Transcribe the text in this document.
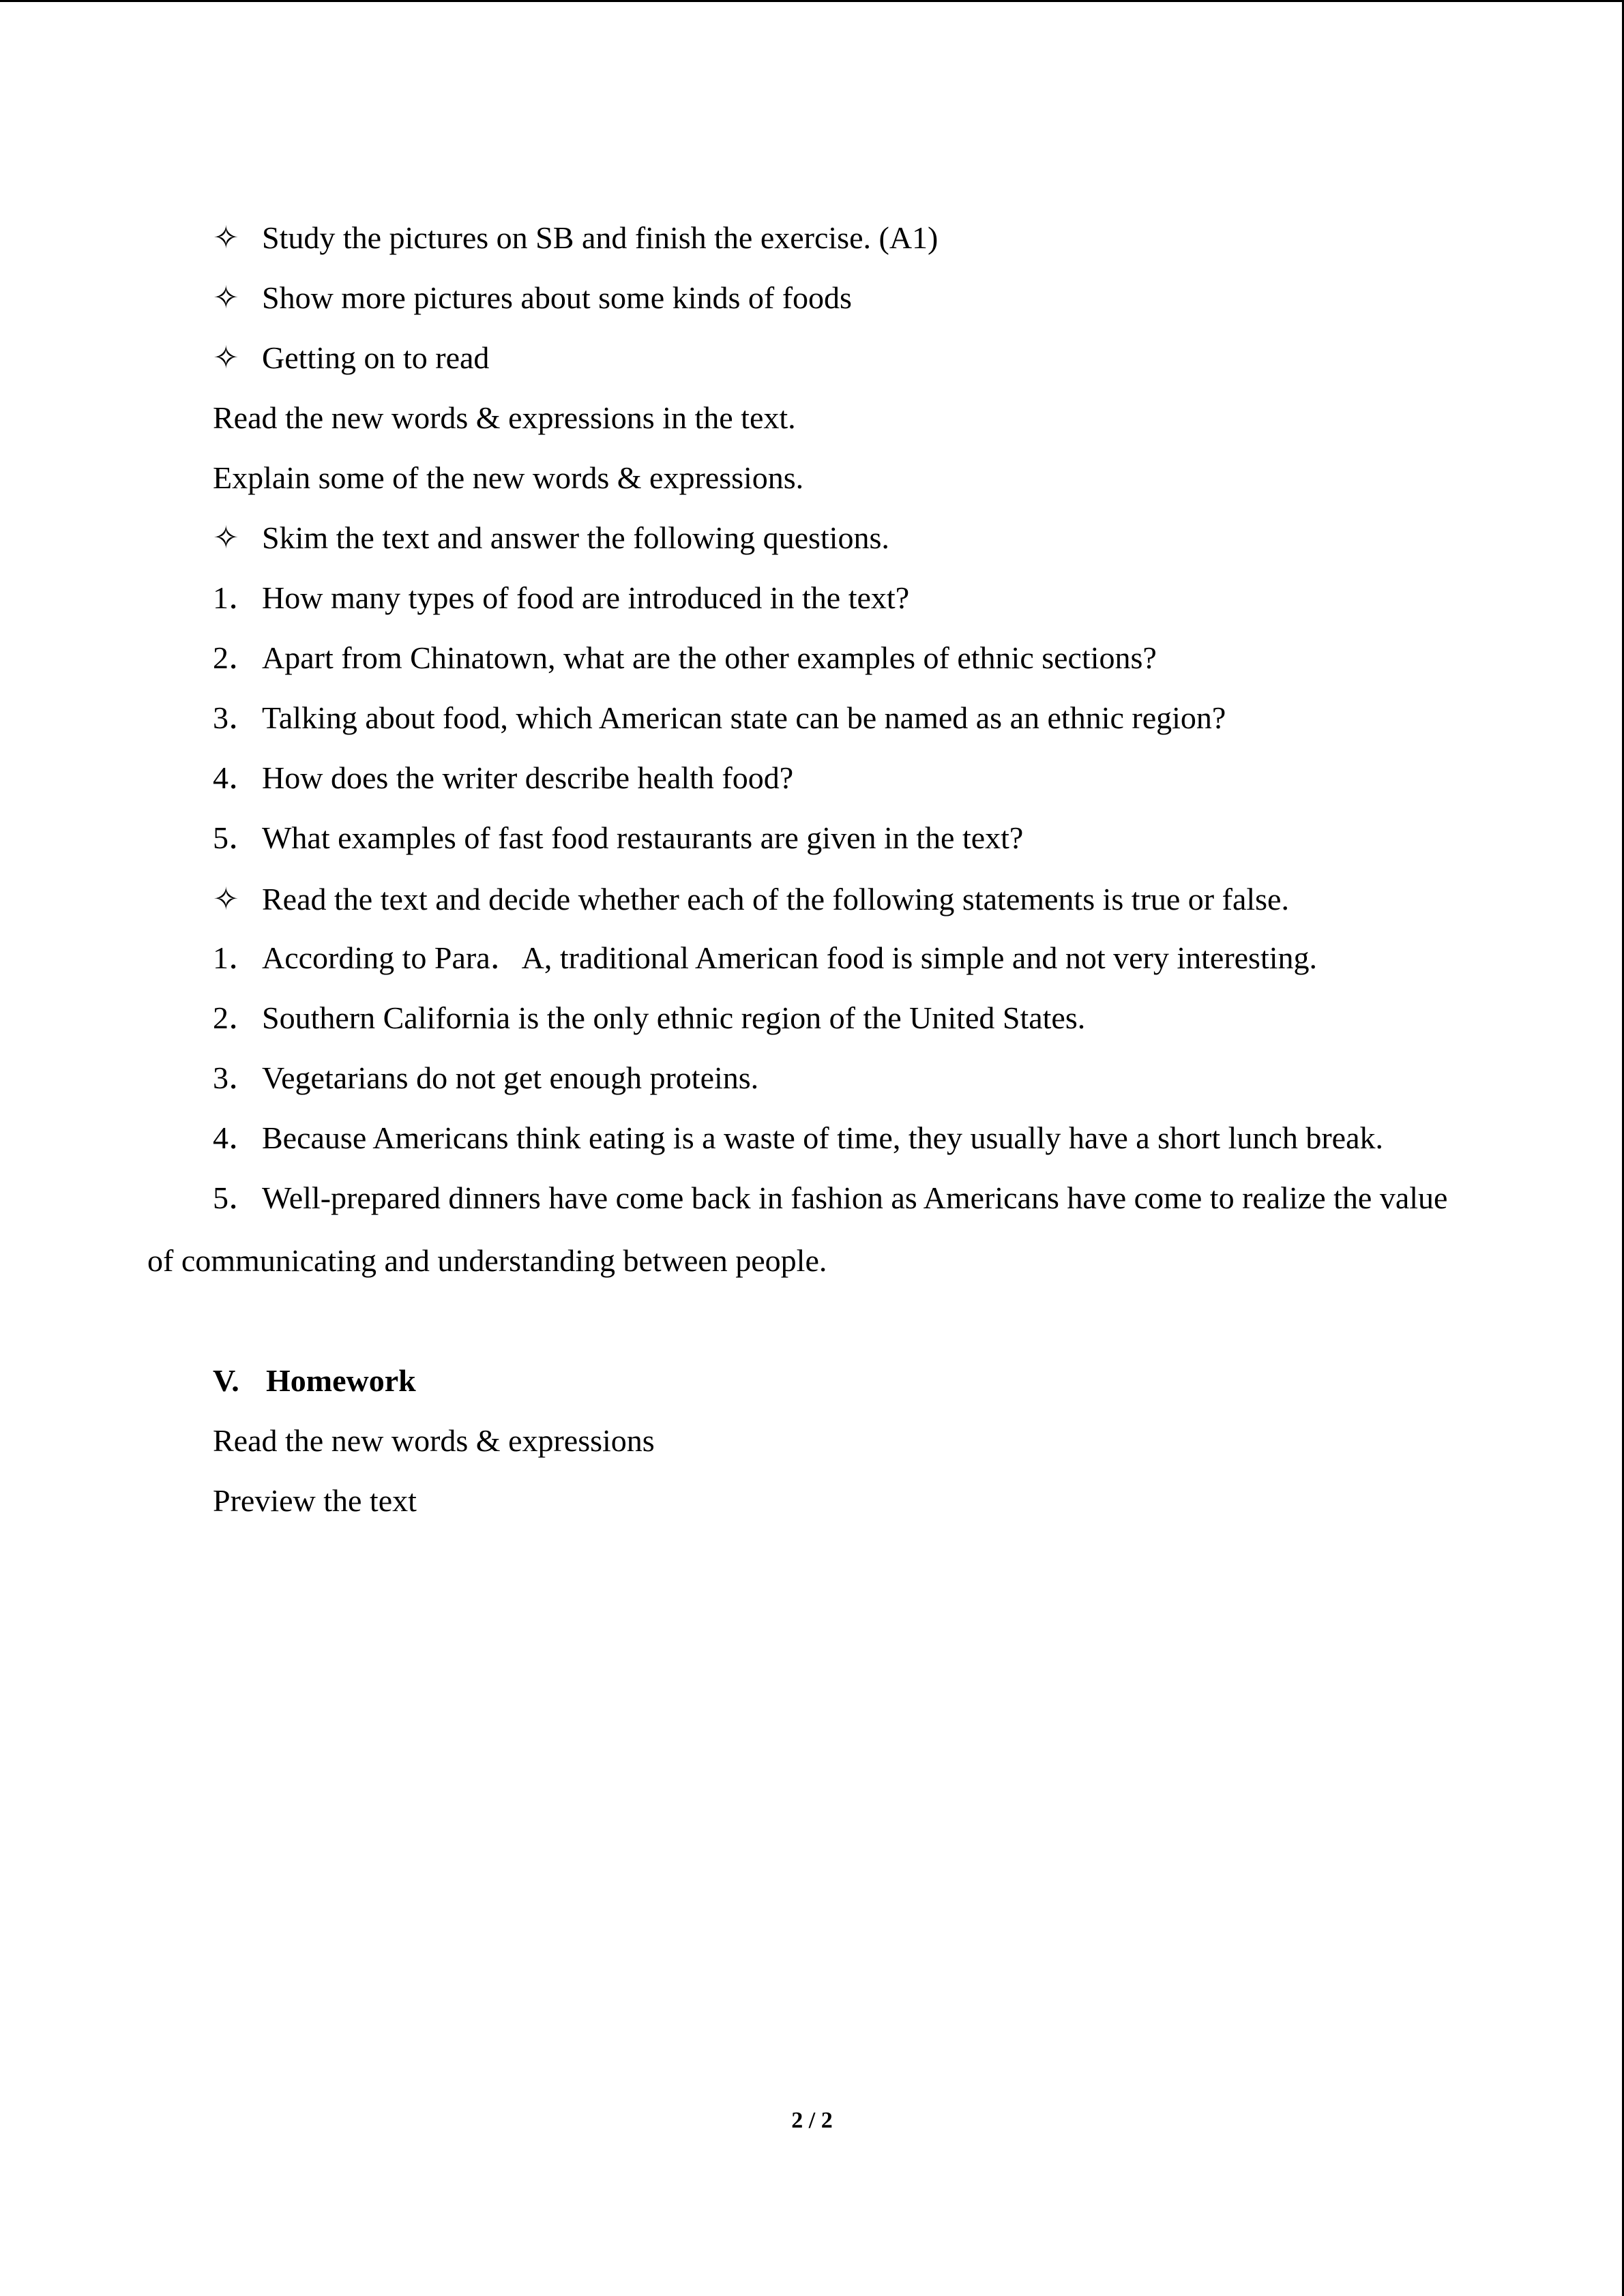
✧ Study the pictures on SB and finish the exercise. (A1)
✧ Show more pictures about some kinds of foods
✧ Getting on to read
Read the new words & expressions in the text.
Explain some of the new words & expressions.
✧ Skim the text and answer the following questions.
1．How many types of food are introduced in the text?
2．Apart from Chinatown, what are the other examples of ethnic sections?
3．Talking about food, which American state can be named as an ethnic region?
4．How does the writer describe health food?
5．What examples of fast food restaurants are given in the text?
✧ Read the text and decide whether each of the following statements is true or false.
1．According to Para．A, traditional American food is simple and not very interesting.
2．Southern California is the only ethnic region of the United States.
3．Vegetarians do not get enough proteins.
4．Because Americans think eating is a waste of time, they usually have a short lunch break.
5．Well-prepared dinners have come back in fashion as Americans have come to realize the value
of communicating and understanding between people.
V. Homework
Read the new words & expressions
Preview the text
2 / 2
